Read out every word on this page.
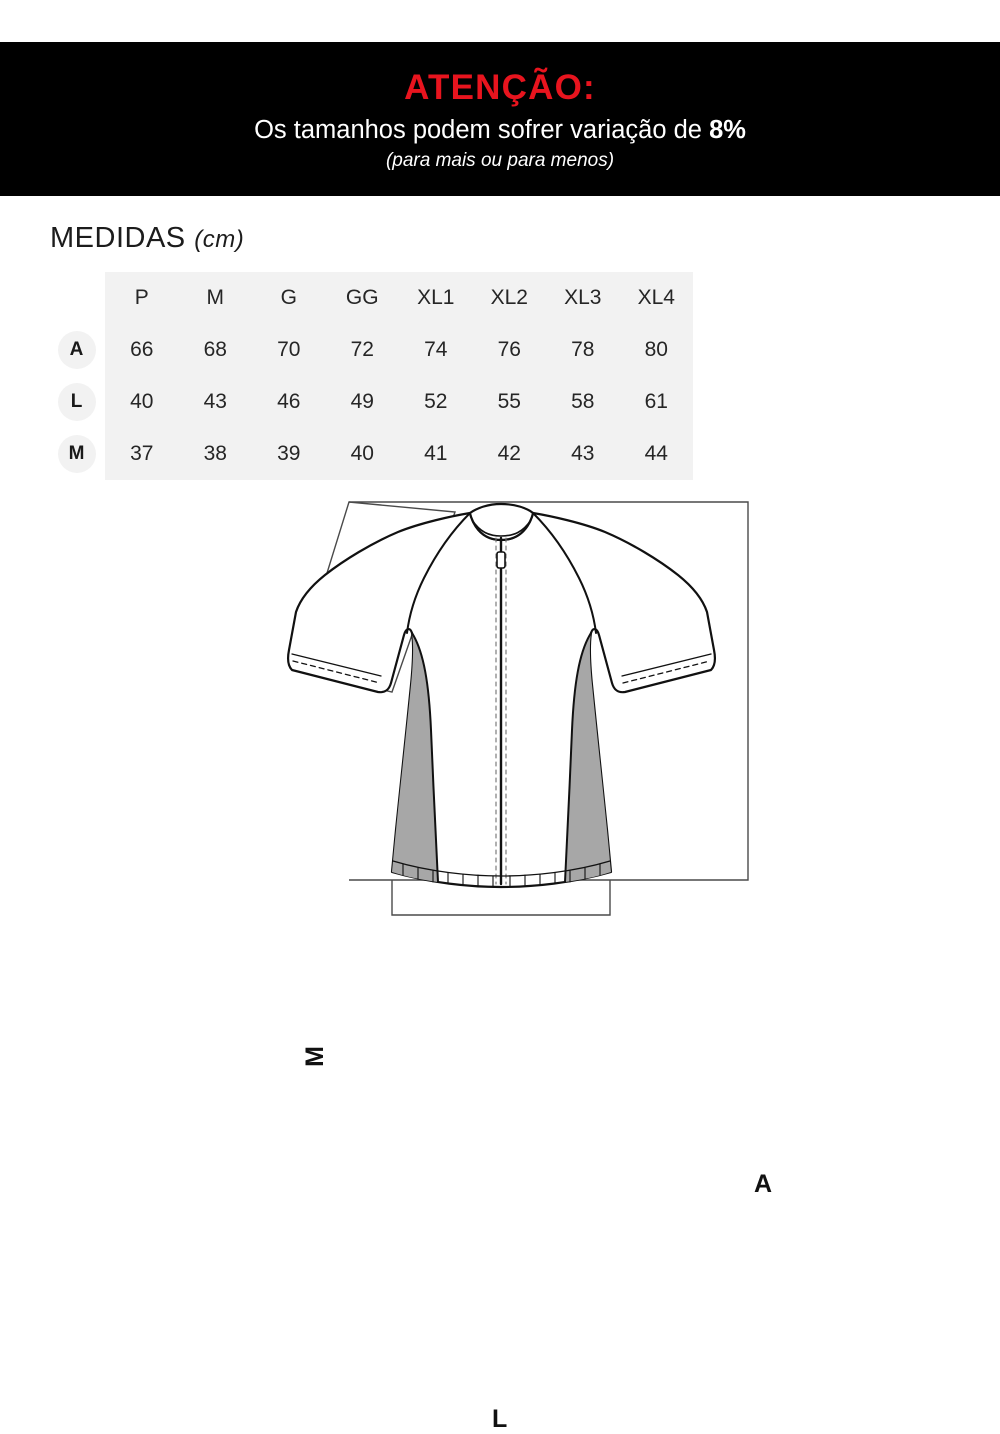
ATENÇÃO:
Os tamanhos podem sofrer variação de 8%
(para mais ou para menos)
MEDIDAS (cm)
	P	M	G	GG	XL1	XL2	XL3	XL4
A	66	68	70	72	74	76	78	80
L	40	43	46	49	52	55	58	61
M	37	38	39	40	41	42	43	44
A
L
M
